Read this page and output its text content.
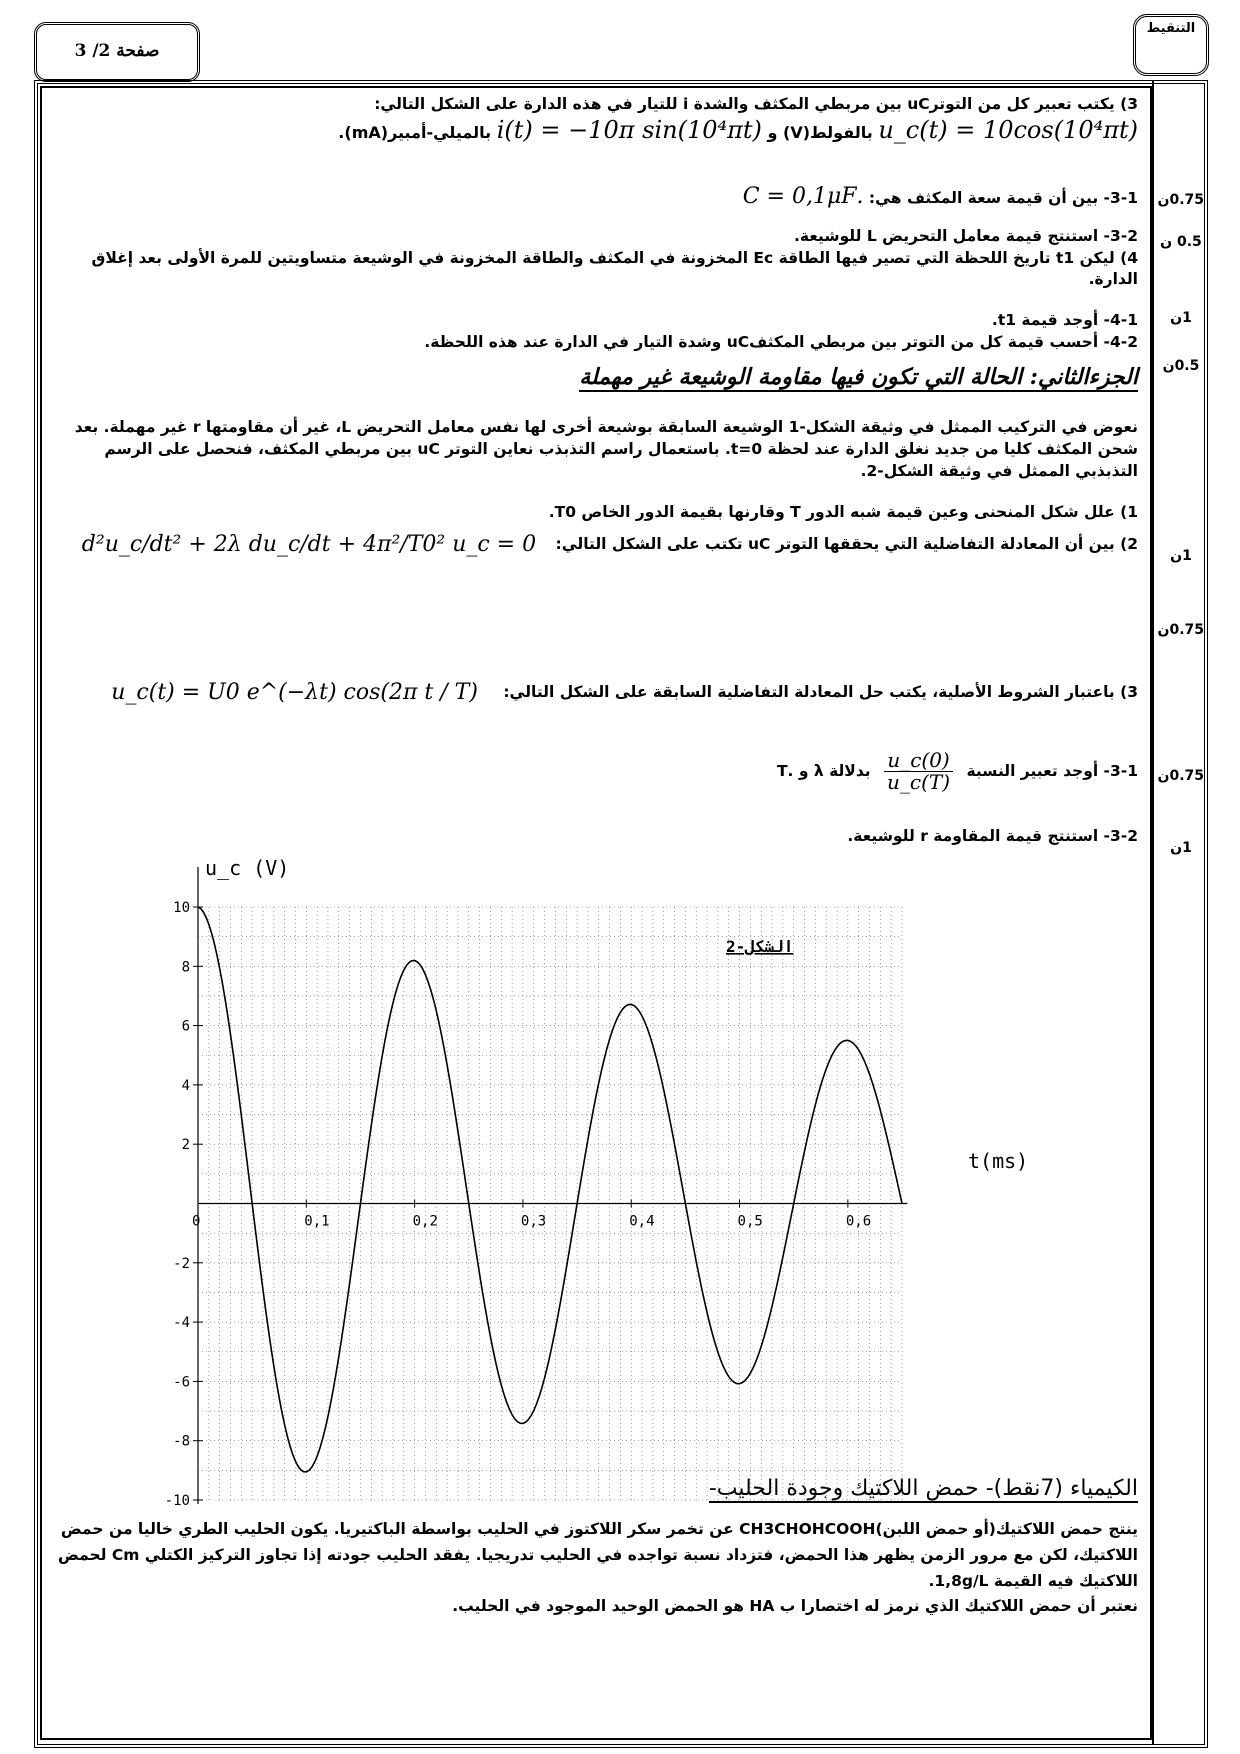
صفحة 2/ 3
التنقيط
0.75ن
0.5 ن
1ن
0.5ن
1ن
0.75ن
0.75ن
1ن
3) يكتب تعبير كل من التوترuC بين مربطي المكثف والشدة i للتيار في هذه الدارة على الشكل التالي:
u_c(t) = 10cos(10⁴πt) بالفولط(V) و i(t) = −10π sin(10⁴πt) بالميلي-أمبير(mA).
3-1- بين أن قيمة سعة المكثف هي: .C = 0,1μF
3-2- استنتج قيمة معامل التحريض L للوشيعة.
4) ليكن t1 تاريخ اللحظة التي تصير فيها الطاقة Ec المخزونة في المكثف والطاقة المخزونة في الوشيعة متساويتين للمرة الأولى بعد إغلاق الدارة.
4-1- أوجد قيمة t1.
4-2- أحسب قيمة كل من التوتر بين مربطي المكثفuC وشدة التيار في الدارة عند هذه اللحظة.
الجزءالثاني: الحالة التي تكون فيها مقاومة الوشيعة غير مهملة
نعوض في التركيب الممثل في وثيقة الشكل-1 الوشيعة السابقة بوشيعة أخرى لها نفس معامل التحريض L، غير أن مقاومتها r غير مهملة. بعد شحن المكثف كليا من جديد نغلق الدارة عند لحظة t=0. باستعمال راسم التذبذب نعاين التوتر uC بين مربطي المكثف، فنحصل على الرسم التذبذبي الممثل في وثيقة الشكل-2.
1) علل شكل المنحنى وعين قيمة شبه الدور T وقارنها بقيمة الدور الخاص T0.
2) بين أن المعادلة التفاضلية التي يحققها التوتر uC تكتب على الشكل التالي: d²u_c/dt² + 2λ du_c/dt + 4π²/T0² u_c = 0
3) باعتبار الشروط الأصلية، يكتب حل المعادلة التفاضلية السابقة على الشكل التالي: u_c(t) = U0 e^(−λt) cos(2π t / T)
3-1- أوجد تعبير النسبة
$\frac{u\_c(0)}{u\_c(T)}$
بدلالة λ و .T
3-2- استنتج قيمة المقاومة r للوشيعة.
الكيمياء (7نقط)- حمض اللاكتيك وجودة الحليب-
ينتج حمض اللاكتيك(أو حمض اللبن)CH3CHOHCOOH عن تخمر سكر اللاكتوز في الحليب بواسطة الباكتيريا. يكون الحليب الطري خاليا من حمض اللاكتيك، لكن مع مرور الزمن يظهر هذا الحمض، فتزداد نسبة تواجده في الحليب تدريجيا. يفقد الحليب جودته إذا تجاوز التركيز الكتلي Cm لحمض اللاكتيك فيه القيمة 1,8g/L.
نعتبر أن حمض اللاكتيك الذي نرمز له اختصارا ب HA هو الحمض الوحيد الموجود في الحليب.
0	0,1	0,2	0,3	0,4	0,5	0,6
10
8
6
4
2
-2
-4
-6
-8
-10
u_c (V)
t(ms)
الشكل-2
